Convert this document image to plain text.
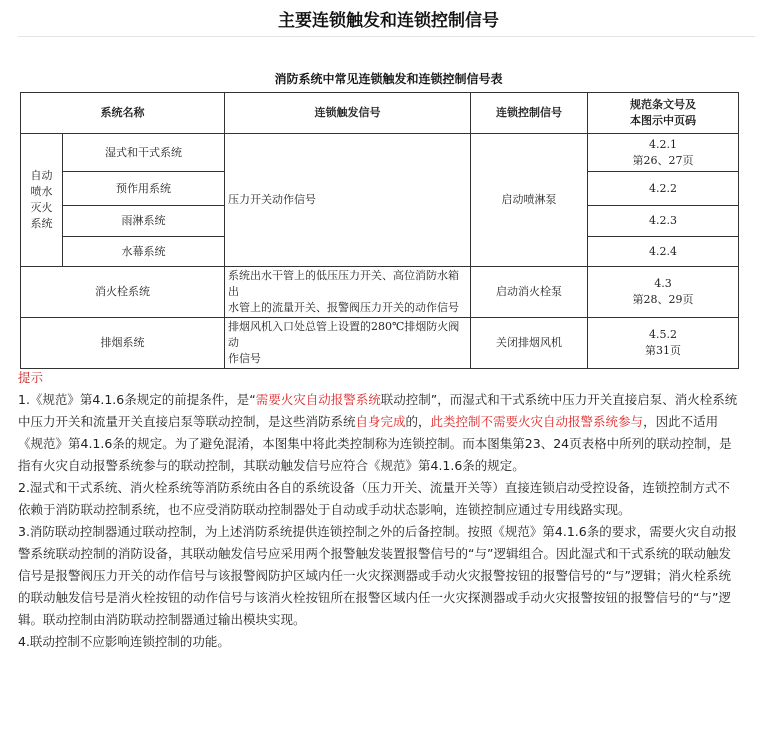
主要连锁触发和连锁控制信号
消防系统中常见连锁触发和连锁控制信号表
系统名称		连锁触发信号	连锁控制信号	规范条文号及
本图示中页码
自动
喷水
灭火
系统	湿式和干式系统	压力开关动作信号	启动喷淋泵	4.2.1
第26、27页
	预作用系统			4.2.2
	雨淋系统			4.2.3
	水幕系统			4.2.4
消火栓系统		系统出水干管上的低压压力开关、高位消防水箱出
水管上的流量开关、报警阀压力开关的动作信号	启动消火栓泵	4.3
第28、29页
排烟系统		排烟风机入口处总管上设置的280℃排烟防火阀动
作信号	关闭排烟风机	4.5.2
第31页

提示

1.《规范》第4.1.6条规定的前提条件，是“需要火灾自动报警系统联动控制”，而湿式和干式系统中压力开关直接启泵、消火栓系统中压力开关和流量开关直接启泵等联动控制，是这些消防系统自身完成的，此类控制不需要火灾自动报警系统参与，因此不适用《规范》第4.1.6条的规定。为了避免混淆，本图集中将此类控制称为连锁控制。而本图集第23、24页表格中所列的联动控制，是指有火灾自动报警系统参与的联动控制，其联动触发信号应符合《规范》第4.1.6条的规定。

2.湿式和干式系统、消火栓系统等消防系统由各自的系统设备（压力开关、流量开关等）直接连锁启动受控设备，连锁控制方式不依赖于消防联动控制系统，也不应受消防联动控制器处于自动或手动状态影响，连锁控制应通过专用线路实现。

3.消防联动控制器通过联动控制，为上述消防系统提供连锁控制之外的后备控制。按照《规范》第4.1.6条的要求，需要火灾自动报警系统联动控制的消防设备，其联动触发信号应采用两个报警触发装置报警信号的“与”逻辑组合。因此湿式和干式系统的联动触发信号是报警阀压力开关的动作信号与该报警阀防护区域内任一火灾探测器或手动火灾报警按钮的报警信号的“与”逻辑；消火栓系统的联动触发信号是消火栓按钮的动作信号与该消火栓按钮所在报警区域内任一火灾探测器或手动火灾报警按钮的报警信号的“与”逻辑。联动控制由消防联动控制器通过输出模块实现。

4.联动控制不应影响连锁控制的功能。
